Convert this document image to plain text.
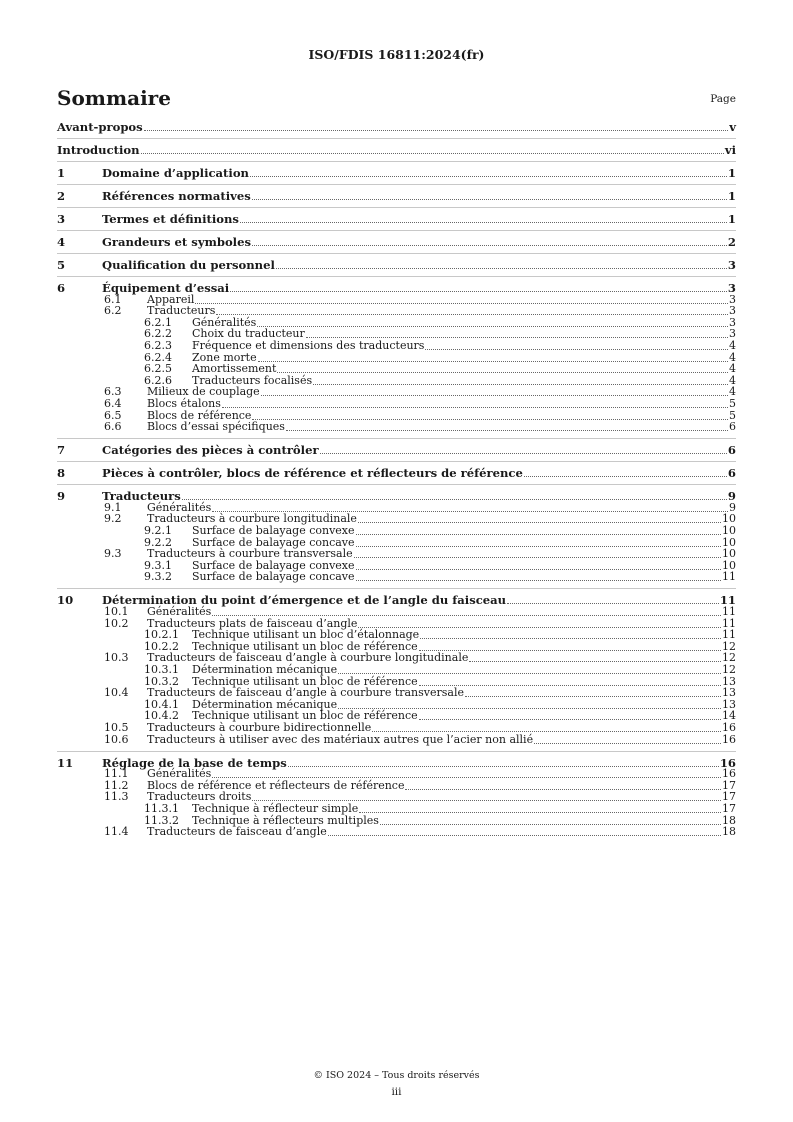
ISO/FDIS 16811:2024(fr)
Sommaire	Page
Avant-propos	v
Introduction	vi
1	Domaine d’application	1
2	Références normatives	1
3	Termes et définitions	1
4	Grandeurs et symboles	2
5	Qualification du personnel	3
6	Équipement d’essai	3
6.1 Appareil	3
6.2 Traducteurs	3
6.2.1 Généralités	3
6.2.2 Choix du traducteur	3
6.2.3 Fréquence et dimensions des traducteurs	4
6.2.4 Zone morte	4
6.2.5 Amortissement	4
6.2.6 Traducteurs focalisés	4
6.3 Milieux de couplage	4
6.4 Blocs étalons	5
6.5 Blocs de référence	5
6.6 Blocs d’essai spécifiques	6
7	Catégories des pièces à contrôler	6
8	Pièces à contrôler, blocs de référence et réflecteurs de référence	6
9	Traducteurs	9
9.1 Généralités	9
9.2 Traducteurs à courbure longitudinale	10
9.2.1 Surface de balayage convexe	10
9.2.2 Surface de balayage concave	10
9.3 Traducteurs à courbure transversale	10
9.3.1 Surface de balayage convexe	10
9.3.2 Surface de balayage concave	11
10 Détermination du point d’émergence et de l’angle du faisceau	11
10.1 Généralités	11
10.2 Traducteurs plats de faisceau d’angle	11
10.2.1 Technique utilisant un bloc d’étalonnage	11
10.2.2 Technique utilisant un bloc de référence	12
10.3 Traducteurs de faisceau d’angle à courbure longitudinale	12
10.3.1 Détermination mécanique	12
10.3.2 Technique utilisant un bloc de référence	13
10.4 Traducteurs de faisceau d’angle à courbure transversale	13
10.4.1 Détermination mécanique	13
10.4.2 Technique utilisant un bloc de référence	14
10.5 Traducteurs à courbure bidirectionnelle	16
10.6 Traducteurs à utiliser avec des matériaux autres que l’acier non allié	16
11 Réglage de la base de temps	16
11.1 Généralités	16
11.2 Blocs de référence et réflecteurs de référence	17
11.3 Traducteurs droits	17
11.3.1 Technique à réflecteur simple	17
11.3.2 Technique à réflecteurs multiples	18
11.4 Traducteurs de faisceau d’angle	18
© ISO 2024 – Tous droits réservés
iii
